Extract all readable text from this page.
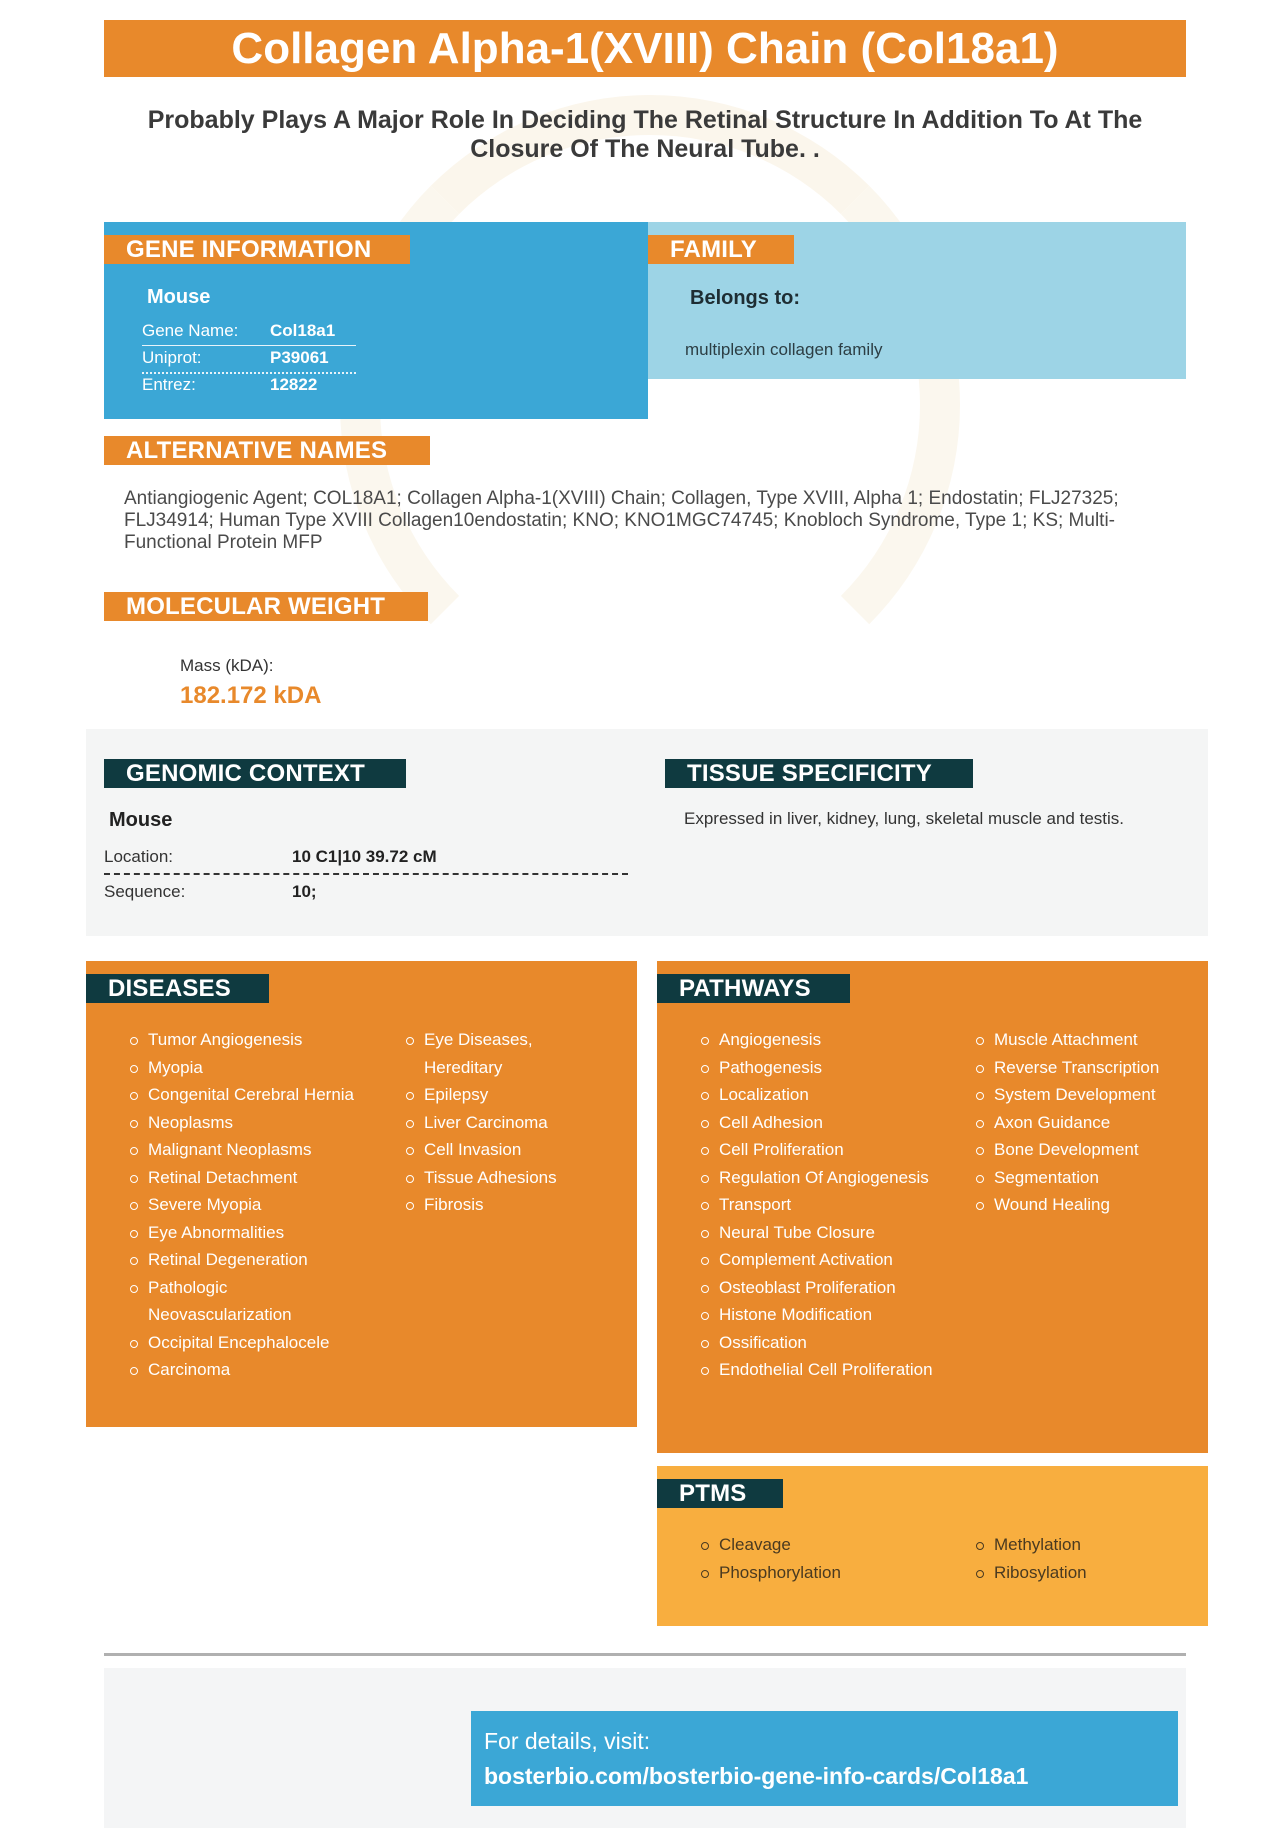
Collagen Alpha-1(XVIII) Chain (Col18a1)
Probably Plays A Major Role In Deciding The Retinal Structure In Addition To At The Closure Of The Neural Tube. .
GENE INFORMATION
Mouse
Gene Name: Col18a1
Uniprot:	P39061
Entrez:	12822
FAMILY
Belongs to:
multiplexin collagen family
ALTERNATIVE NAMES
Antiangiogenic Agent; COL18A1; Collagen Alpha-1(XVIII) Chain; Collagen, Type XVIII, Alpha 1; Endostatin; FLJ27325; FLJ34914; Human Type XVIII Collagen10endostatin; KNO; KNO1MGC74745; Knobloch Syndrome, Type 1; KS; Multi-Functional Protein MFP
MOLECULAR WEIGHT
Mass (kDA):
182.172 kDA
GENOMIC CONTEXT
Mouse
Location:	10 C1|10 39.72 cM
Sequence:	10;
TISSUE SPECIFICITY
Expressed in liver, kidney, lung, skeletal muscle and testis.
DISEASES
Tumor Angiogenesis
Myopia
Congenital Cerebral Hernia
Neoplasms
Malignant Neoplasms
Retinal Detachment
Severe Myopia
Eye Abnormalities
Retinal Degeneration
Pathologic Neovascularization
Occipital Encephalocele
Carcinoma
Eye Diseases, Hereditary
Epilepsy
Liver Carcinoma
Cell Invasion
Tissue Adhesions
Fibrosis
PATHWAYS
Angiogenesis
Pathogenesis
Localization
Cell Adhesion
Cell Proliferation
Regulation Of Angiogenesis
Transport
Neural Tube Closure
Complement Activation
Osteoblast Proliferation
Histone Modification
Ossification
Endothelial Cell Proliferation
Muscle Attachment
Reverse Transcription
System Development
Axon Guidance
Bone Development
Segmentation
Wound Healing
PTMS
Cleavage
Phosphorylation
Methylation
Ribosylation
For details, visit:
bosterbio.com/bosterbio-gene-info-cards/Col18a1
